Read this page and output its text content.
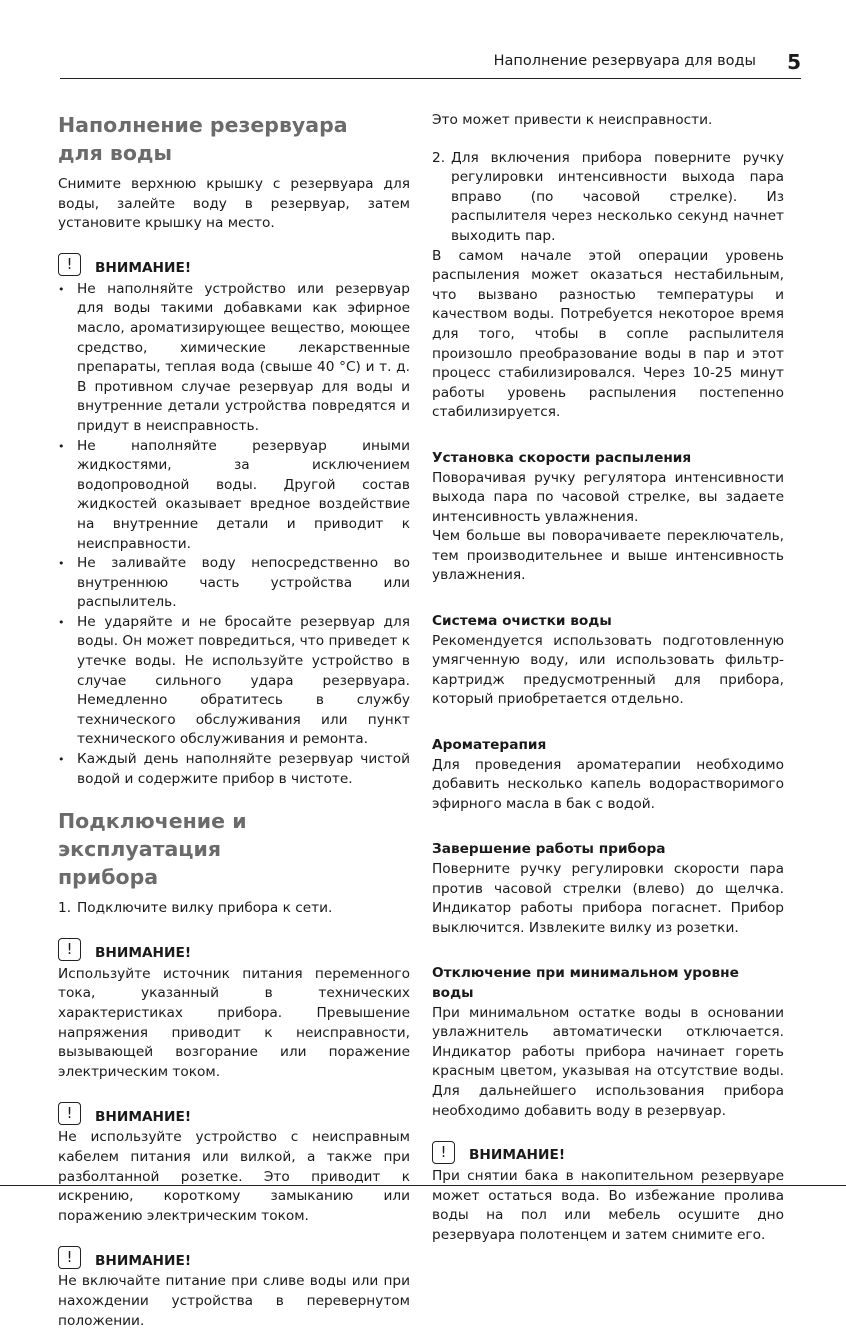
Наполнение резервуара для воды 5
Наполнение резервуара
для воды

Снимите верхнюю крышку с резервуара для воды, залейте воду в резервуар, затем установите крышку на место.

!	ВНИМАНИЕ!
• Не наполняйте устройство или резервуар для воды такими добавками как эфирное масло, ароматизирующее вещество, моющее средство, химические лекарственные препараты, теплая вода (свыше 40 °C) и т. д. В противном случае резервуар для воды и внутренние детали устройства повредятся и придут в неисправность.
• Не наполняйте резервуар иными жидкостями, за исключением водопроводной воды. Другой состав жидкостей оказывает вредное воздействие на внутренние детали и приводит к неисправности.
• Не заливайте воду непосредственно во внутреннюю часть устройства или распылитель.
• Не ударяйте и не бросайте резервуар для воды. Он может повредиться, что приведет к утечке воды. Не используйте устройство в случае сильного удара резервуара. Немедленно обратитесь в службу технического обслуживания или пункт технического обслуживания и ремонта.
• Каждый день наполняйте резервуар чистой водой и содержите прибор в чистоте.
Подключение и эксплуатация
прибора
1. Подключите вилку прибора к сети.
!	ВНИМАНИЕ!

Используйте источник питания переменного тока, указанный в технических характеристиках прибора. Превышение напряжения приводит к неисправности, вызывающей возгорание или поражение электрическим током.

!	ВНИМАНИЕ!

Не используйте устройство с неисправным кабелем питания или вилкой, а также при разболтанной розетке. Это приводит к искрению, короткому замыканию или поражению электрическим током.

!	ВНИМАНИЕ!

Не включайте питание при сливе воды или при нахождении устройства в перевернутом положении.

Это может привести к неисправности.

2. Для включения прибора поверните ручку регулировки интенсивности выхода пара вправо (по часовой стрелке). Из распылителя через несколько секунд начнет выходить пар.

В самом начале этой операции уровень распыления может оказаться нестабильным, что вызвано разностью температуры и качеством воды. Потребуется некоторое время для того, чтобы в сопле распылителя произошло преобразование воды в пар и этот процесс стабилизировался. Через 10-25 минут работы уровень распыления постепенно стабилизируется.

Установка скорости распыления

Поворачивая ручку регулятора интенсивности выхода пара по часовой стрелке, вы задаете интенсивность увлажнения.

Чем больше вы поворачиваете переключатель, тем производительнее и выше интенсивность увлажнения.

Система очистки воды

Рекомендуется использовать подготовленную умягченную воду, или использовать фильтр-картридж предусмотренный для прибора, который приобретается отдельно.

Ароматерапия

Для проведения ароматерапии необходимо добавить несколько капель водорастворимого эфирного масла в бак с водой.

Завершение работы прибора

Поверните ручку регулировки скорости пара против часовой стрелки (влево) до щелчка. Индикатор работы прибора погаснет. Прибор выключится. Извлеките вилку из розетки.

Отключение при минимальном уровне воды

При минимальном остатке воды в основании увлажнитель автоматически отключается. Индикатор работы прибора начинает гореть красным цветом, указывая на отсутствие воды. Для дальнейшего использования прибора необходимо добавить воду в резервуар.

!	ВНИМАНИЕ!

При снятии бака в накопительном резервуаре может остаться вода. Во избежание пролива воды на пол или мебель осушите дно резервуара полотенцем и затем снимите его.
